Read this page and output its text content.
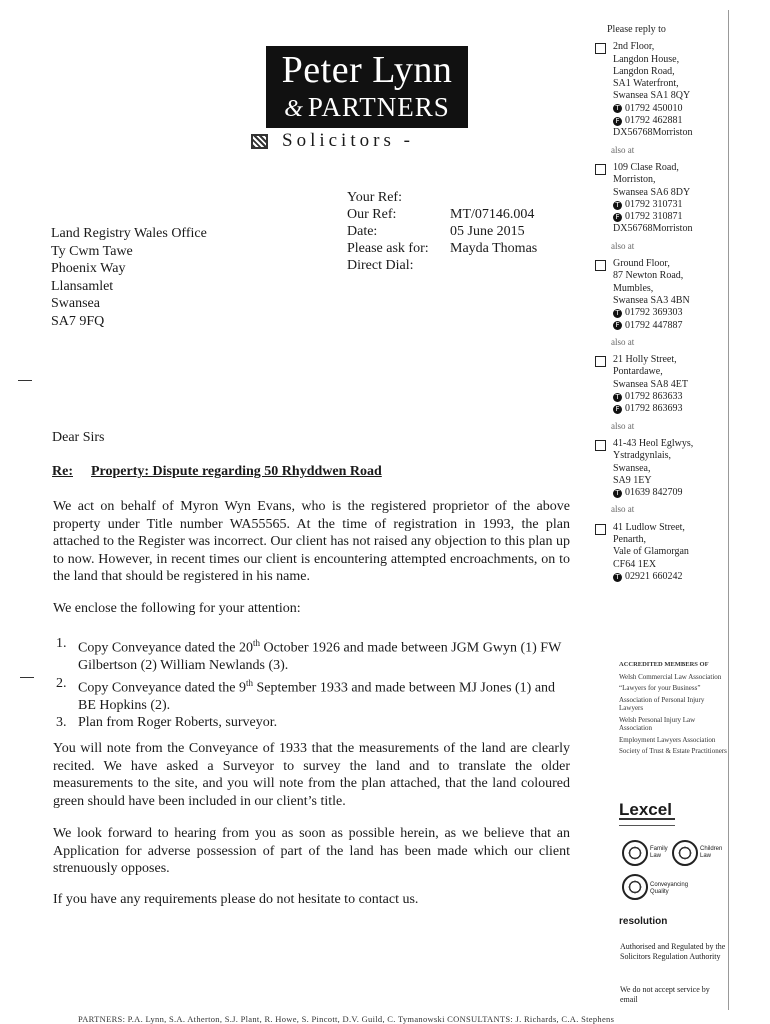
Peter Lynn
& PARTNERS
Solicitors -
Your Ref:
Our Ref:	MT/07146.004
Date:	05 June 2015
Please ask for:	Mayda Thomas
Direct Dial:
Land Registry Wales Office
Ty Cwm Tawe
Phoenix Way
Llansamlet
Swansea
SA7 9FQ
Dear Sirs
Re: Property: Dispute regarding 50 Rhyddwen Road
We act on behalf of Myron Wyn Evans, who is the registered proprietor of the above property under Title number WA55565. At the time of registration in 1993, the plan attached to the Register was incorrect. Our client has not raised any objection to this plan up to now. However, in recent times our client is encountering attempted encroachments, on to the land that should be registered in his name.
We enclose the following for your attention:
1. Copy Conveyance dated the 20th October 1926 and made between JGM Gwyn (1) FW Gilbertson (2) William Newlands (3).
2. Copy Conveyance dated the 9th September 1933 and made between MJ Jones (1) and BE Hopkins (2).
3. Plan from Roger Roberts, surveyor.
You will note from the Conveyance of 1933 that the measurements of the land are clearly recited. We have asked a Surveyor to survey the land and to translate the older measurements to the site, and you will note from the plan attached, that the land coloured green should have been included in our client’s title.
We look forward to hearing from you as soon as possible herein, as we believe that an Application for adverse possession of part of the land has been made which our client strenuously opposes.
If you have any requirements please do not hesitate to contact us.
Please reply to
2nd Floor,
Langdon House,
Langdon Road,
SA1 Waterfront,
Swansea SA1 8QY
T 01792 450010
F 01792 462881
DX56768Morriston
also at
109 Clase Road,
Morriston,
Swansea SA6 8DY
T 01792 310731
F 01792 310871
DX56768Morriston
also at
Ground Floor,
87 Newton Road,
Mumbles,
Swansea SA3 4BN
T 01792 369303
F 01792 447887
also at
21 Holly Street,
Pontardawe,
Swansea SA8 4ET
T 01792 863633
F 01792 863693
also at
41-43 Heol Eglwys,
Ystradgynlais,
Swansea,
SA9 1EY
T 01639 842709
also at
41 Ludlow Street,
Penarth,
Vale of Glamorgan
CF64 1EX
T 02921 660242
ACCREDITED MEMBERS OF
Welsh Commercial Law Association
“Lawyers for your Business”
Association of Personal Injury Lawyers
Welsh Personal Injury Law Association
Employment Lawyers Association
Society of Trust & Estate Practitioners
Lexcel
Family Law
Children Law
Conveyancing Quality
resolution
Authorised and Regulated by the Solicitors Regulation Authority
We do not accept service by email
PARTNERS: P.A. Lynn, S.A. Atherton, S.J. Plant, R. Howe, S. Pincott, D.V. Guild, C. Tymanowski CONSULTANTS: J. Richards, C.A. Stephens
